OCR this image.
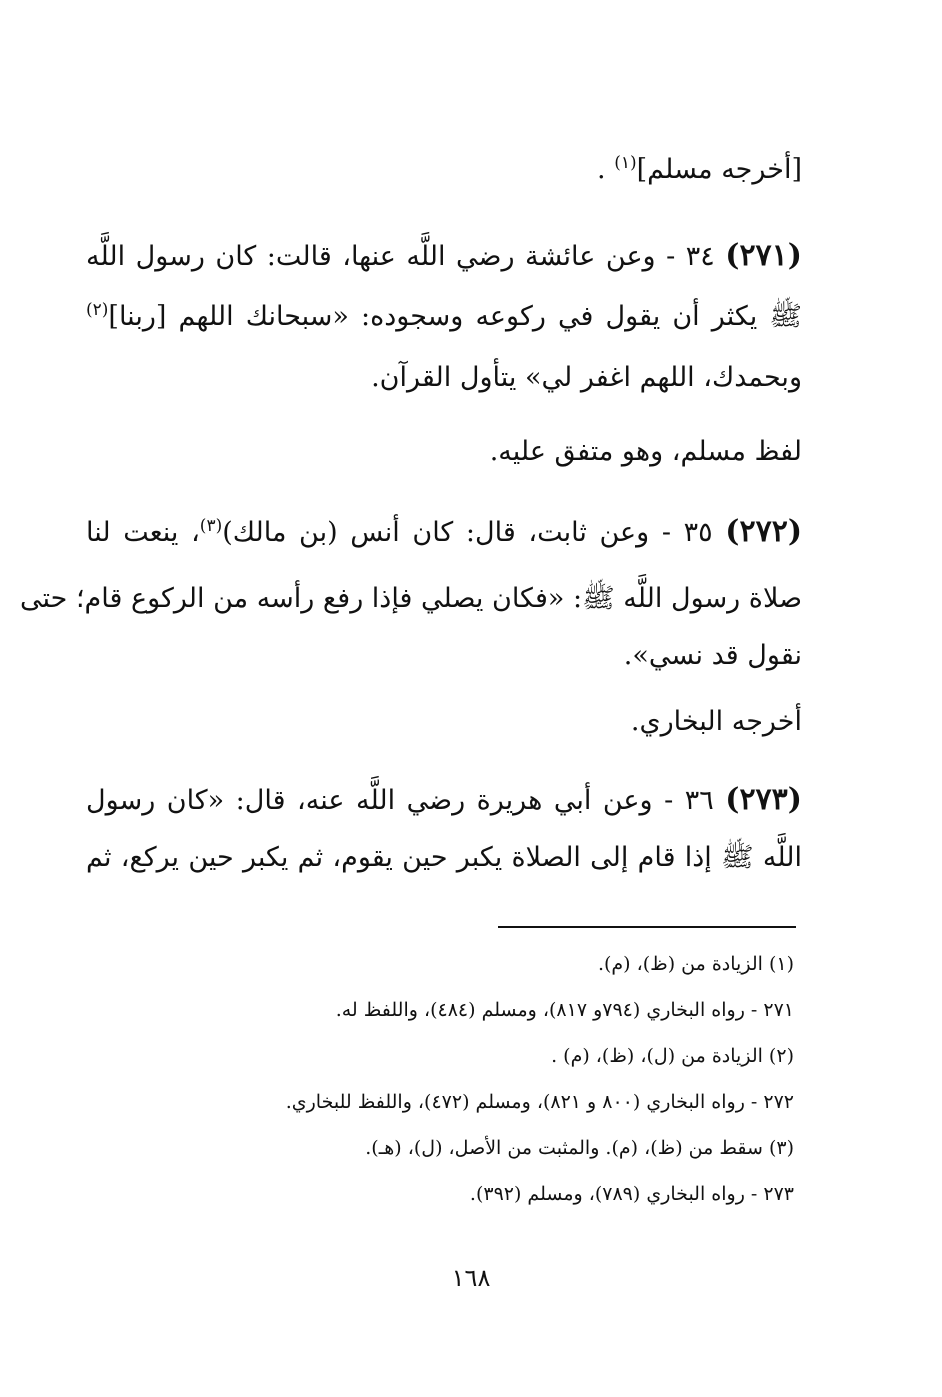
[أخرجه مسلم]$^{(١)}$ .
(٢٧١) ٣٤ - وعن عائشة رضي اللَّه عنها، قالت: كان رسول اللَّه
ﷺ يكثر أن يقول في ركوعه وسجوده: «سبحانك اللهم [ربنا]$^{(٢)}$
وبحمدك، اللهم اغفر لي» يتأول القرآن.
لفظ مسلم، وهو متفق عليه.
(٢٧٢) ٣٥ - وعن ثابت، قال: كان أنس (بن مالك)$^{(٣)}$، ينعت لنا
صلاة رسول اللَّه ﷺ: «فكان يصلي فإذا رفع رأسه من الركوع قام؛ حتى
نقول قد نسي».
أخرجه البخاري.
(٢٧٣) ٣٦ - وعن أبي هريرة رضي اللَّه عنه، قال: «كان رسول
اللَّه ﷺ إذا قام إلى الصلاة يكبر حين يقوم، ثم يكبر حين يركع، ثم
(١) الزيادة من (ظ)، (م).
٢٧١ - رواه البخاري (٧٩٤و ٨١٧)، ومسلم (٤٨٤)، واللفظ له.
(٢) الزيادة من (ل)، (ظ)، (م) .
٢٧٢ - رواه البخاري (٨٠٠ و ٨٢١)، ومسلم (٤٧٢)، واللفظ للبخاري.
(٣) سقط من (ظ)، (م). والمثبت من الأصل، (ل)، (هـ).
٢٧٣ - رواه البخاري (٧٨٩)، ومسلم (٣٩٢).
١٦٨
